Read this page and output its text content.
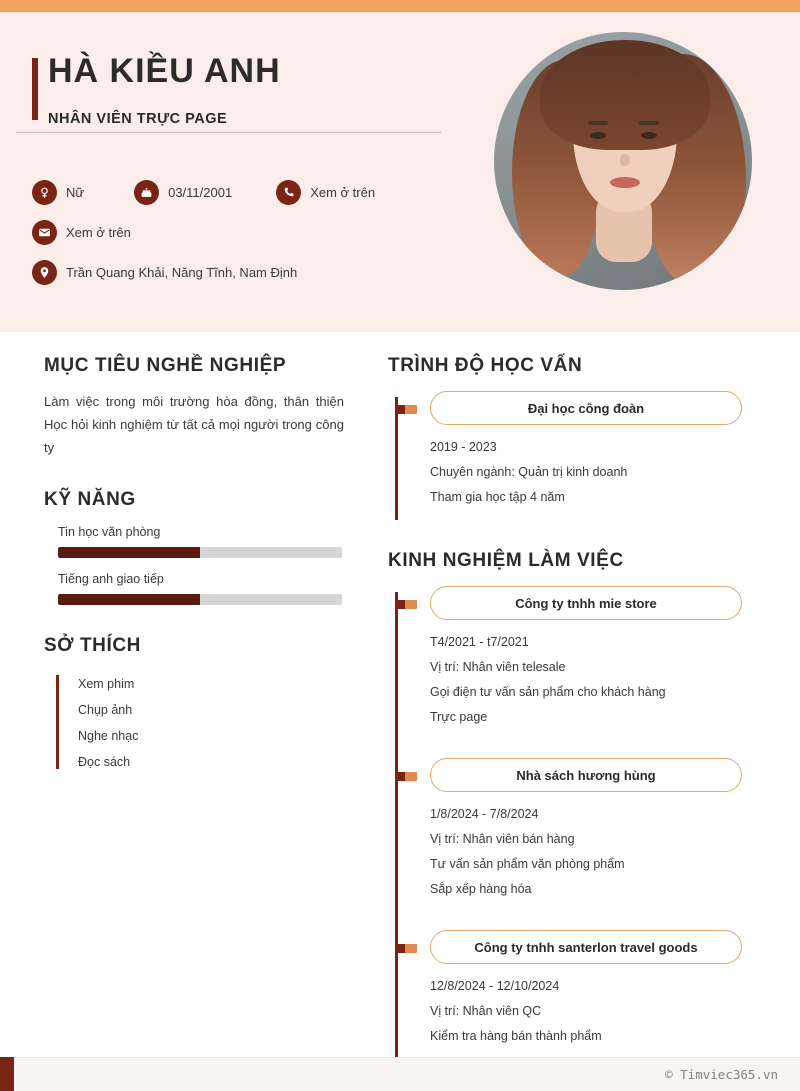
HÀ KIỀU ANH
NHÂN VIÊN TRỰC PAGE
Nữ	03/11/2001	Xem ở trên
Xem ở trên
Trần Quang Khải, Năng Tĩnh, Nam Định
MỤC TIÊU NGHỀ NGHIỆP

Làm việc trong môi trường hòa đồng, thân thiện Học hỏi kinh nghiệm từ tất cả mọi người trong công ty

KỸ NĂNG
Tin học văn phòng
Tiếng anh giao tiếp
SỞ THÍCH
Xem phim
Chụp ảnh
Nghe nhạc
Đọc sách
TRÌNH ĐỘ HỌC VẤN
Đại học công đoàn
2019 - 2023
Chuyên ngành: Quản trị kinh doanh
Tham gia học tập 4 năm
KINH NGHIỆM LÀM VIỆC
Công ty tnhh mie store
T4/2021 - t7/2021
Vị trí: Nhân viên telesale
Gọi điện tư vấn sản phẩm cho khách hàng
Trực page
Nhà sách hương hùng
1/8/2024 - 7/8/2024
Vị trí: Nhân viên bán hàng
Tư vấn sản phẩm văn phòng phẩm
Sắp xếp hàng hóa
Công ty tnhh santerlon travel goods
12/8/2024 - 12/10/2024
Vị trí: Nhân viên QC
Kiểm tra hàng bán thành phẩm
© Timviec365.vn
